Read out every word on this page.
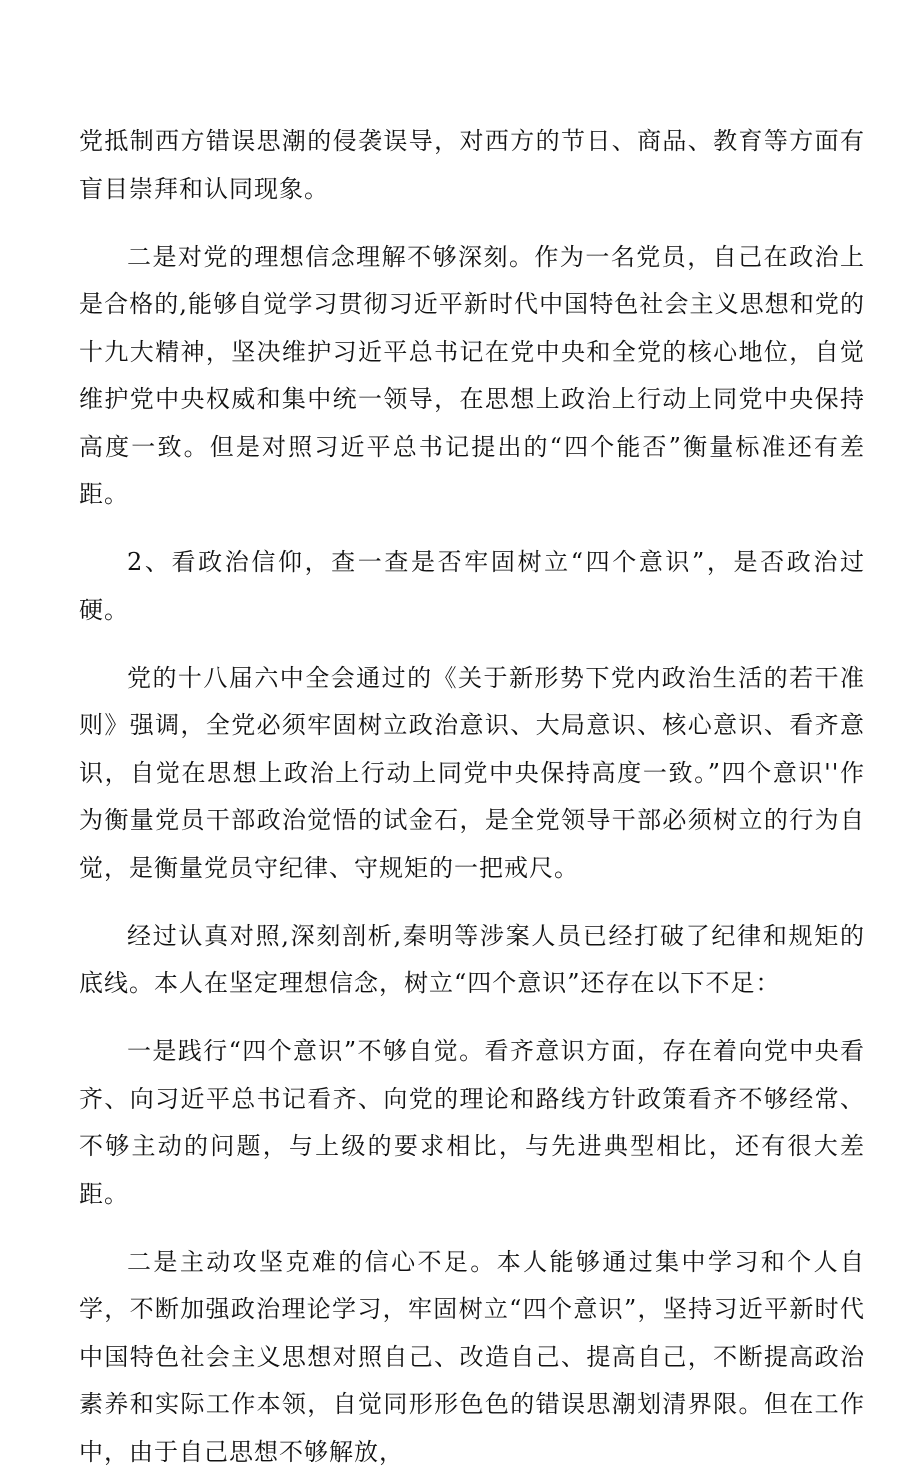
党抵制西方错误思潮的侵袭误导，对西方的节日、商品、教育等方面有盲目崇拜和认同现象。

二是对党的理想信念理解不够深刻。作为一名党员，自己在政治上是合格的,能够自觉学习贯彻习近平新时代中国特色社会主义思想和党的十九大精神，坚决维护习近平总书记在党中央和全党的核心地位，自觉维护党中央权威和集中统一领导，在思想上政治上行动上同党中央保持高度一致。但是对照习近平总书记提出的“四个能否”衡量标准还有差距。

2、看政治信仰，查一查是否牢固树立“四个意识”，是否政治过硬。

党的十八届六中全会通过的《关于新形势下党内政治生活的若干准则》强调，全党必须牢固树立政治意识、大局意识、核心意识、看齐意识，自觉在思想上政治上行动上同党中央保持高度一致。”四个意识''作为衡量党员干部政治觉悟的试金石，是全党领导干部必须树立的行为自觉，是衡量党员守纪律、守规矩的一把戒尺。

经过认真对照,深刻剖析,秦明等涉案人员已经打破了纪律和规矩的底线。本人在坚定理想信念，树立“四个意识”还存在以下不足：

一是践行“四个意识”不够自觉。看齐意识方面，存在着向党中央看齐、向习近平总书记看齐、向党的理论和路线方针政策看齐不够经常、不够主动的问题，与上级的要求相比，与先进典型相比，还有很大差距。

二是主动攻坚克难的信心不足。本人能够通过集中学习和个人自学，不断加强政治理论学习，牢固树立“四个意识”，坚持习近平新时代中国特色社会主义思想对照自己、改造自己、提高自己，不断提高政治素养和实际工作本领，自觉同形形色色的错误思潮划清界限。但在工作中，由于自己思想不够解放，
